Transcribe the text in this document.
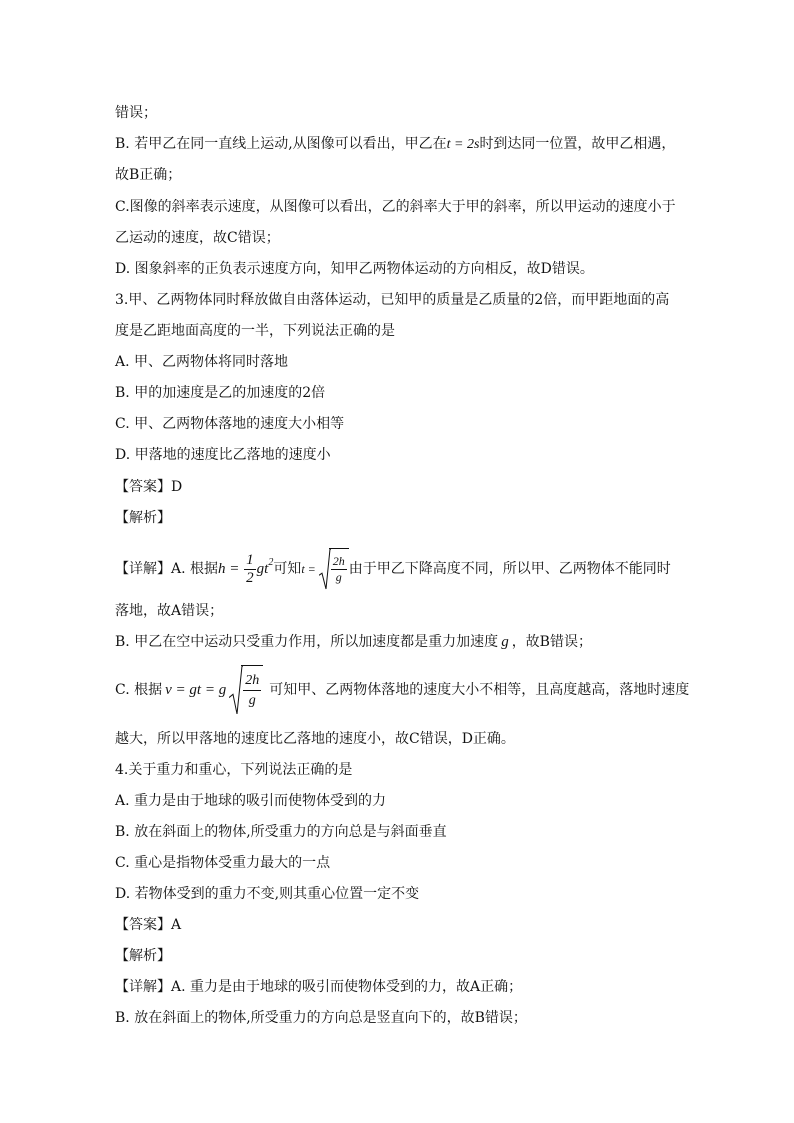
错误；
B. 若甲乙在同一直线上运动,从图像可以看出，甲乙在t = 2s时到达同一位置，故甲乙相遇，
故B正确；
C.图像的斜率表示速度，从图像可以看出，乙的斜率大于甲的斜率，所以甲运动的速度小于
乙运动的速度，故C错误；
D. 图象斜率的正负表示速度方向，知甲乙两物体运动的方向相反，故D错误。
3.甲、乙两物体同时释放做自由落体运动，已知甲的质量是乙质量的2倍，而甲距地面的高
度是乙距地面高度的一半，下列说法正确的是
A. 甲、乙两物体将同时落地
B. 甲的加速度是乙的加速度的2倍
C. 甲、乙两物体落地的速度大小相等
D. 甲落地的速度比乙落地的速度小
【答案】D
【解析】
【详解】A. 根据$h = \frac{1}{2} gt^2$可知$t = \frac{2h}{g}$ 由于甲乙下降高度不同，所以甲、乙两物体不能同时
落地，故A错误；
B. 甲乙在空中运动只受重力作用，所以加速度都是重力加速度 g ，故B错误；
C. 根据 v = gt = g $\frac{2h}{g}$ 可知甲、乙两物体落地的速度大小不相等，且高度越高，落地时速度
越大，所以甲落地的速度比乙落地的速度小，故C错误，D正确。
4.关于重力和重心，下列说法正确的是
A. 重力是由于地球的吸引而使物体受到的力
B. 放在斜面上的物体,所受重力的方向总是与斜面垂直
C. 重心是指物体受重力最大的一点
D. 若物体受到的重力不变,则其重心位置一定不变
【答案】A
【解析】
【详解】A. 重力是由于地球的吸引而使物体受到的力，故A正确；
B. 放在斜面上的物体,所受重力的方向总是竖直向下的，故B错误；
